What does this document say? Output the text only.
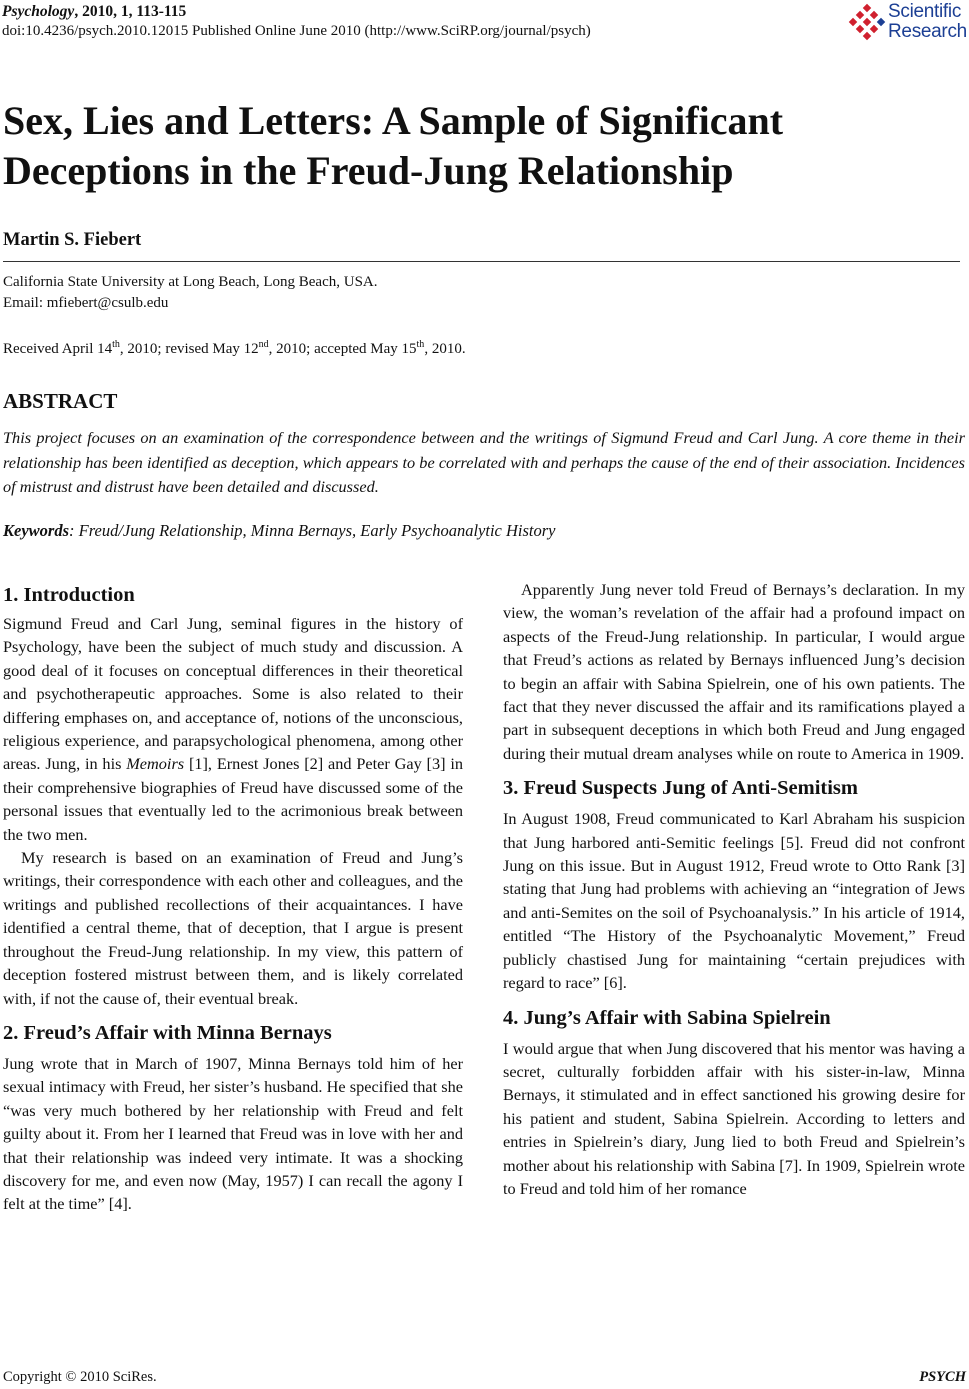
Psychology, 2010, 1, 113-115
doi:10.4236/psych.2010.12015 Published Online June 2010 (http://www.SciRP.org/journal/psych)
Scientific
Research
Sex, Lies and Letters: A Sample of Significant Deceptions in the Freud-Jung Relationship
Martin S. Fiebert
California State University at Long Beach, Long Beach, USA.
Email: mfiebert@csulb.edu
Received April 14th, 2010; revised May 12nd, 2010; accepted May 15th, 2010.
ABSTRACT
This project focuses on an examination of the correspondence between and the writings of Sigmund Freud and Carl Jung. A core theme in their relationship has been identified as deception, which appears to be correlated with and perhaps the cause of the end of their association. Incidences of mistrust and distrust have been detailed and discussed.
Keywords: Freud/Jung Relationship, Minna Bernays, Early Psychoanalytic History
1. Introduction

Sigmund Freud and Carl Jung, seminal figures in the history of Psychology, have been the subject of much study and discussion. A good deal of it focuses on conceptual differences in their theoretical and psychotherapeutic approaches. Some is also related to their differing emphases on, and acceptance of, notions of the unconscious, religious experience, and parapsychological phenomena, among other areas. Jung, in his Memoirs [1], Ernest Jones [2] and Peter Gay [3] in their comprehensive biographies of Freud have discussed some of the personal issues that eventually led to the acrimonious break between the two men.

My research is based on an examination of Freud and Jung’s writings, their correspondence with each other and colleagues, and the writings and published recollections of their acquaintances. I have identified a central theme, that of deception, that I argue is present throughout the Freud-Jung relationship. In my view, this pattern of deception fostered mistrust between them, and is likely correlated with, if not the cause of, their eventual break.

2. Freud’s Affair with Minna Bernays

Jung wrote that in March of 1907, Minna Bernays told him of her sexual intimacy with Freud, her sister’s husband. He specified that she “was very much bothered by her relationship with Freud and felt guilty about it. From her I learned that Freud was in love with her and that their relationship was indeed very intimate. It was a shocking discovery for me, and even now (May, 1957) I can recall the agony I felt at the time” [4].

Apparently Jung never told Freud of Bernays’s declaration. In my view, the woman’s revelation of the affair had a profound impact on aspects of the Freud-Jung relationship. In particular, I would argue that Freud’s actions as related by Bernays influenced Jung’s decision to begin an affair with Sabina Spielrein, one of his own patients. The fact that they never discussed the affair and its ramifications played a part in subsequent deceptions in which both Freud and Jung engaged during their mutual dream analyses while on route to America in 1909.

3. Freud Suspects Jung of Anti-Semitism

In August 1908, Freud communicated to Karl Abraham his suspicion that Jung harbored anti-Semitic feelings [5]. Freud did not confront Jung on this issue. But in August 1912, Freud wrote to Otto Rank [3] stating that Jung had problems with achieving an “integration of Jews and anti-Semites on the soil of Psychoanalysis.” In his article of 1914, entitled “The History of the Psychoanalytic Movement,” Freud publicly chastised Jung for maintaining “certain prejudices with regard to race” [6].

4. Jung’s Affair with Sabina Spielrein

I would argue that when Jung discovered that his mentor was having a secret, culturally forbidden affair with his sister-in-law, Minna Bernays, it stimulated and in effect sanctioned his growing desire for his patient and student, Sabina Spielrein. According to letters and entries in Spielrein’s diary, Jung lied to both Freud and Spielrein’s mother about his relationship with Sabina [7]. In 1909, Spielrein wrote to Freud and told him of her romance

Copyright © 2010 SciRes.	PSYCH
